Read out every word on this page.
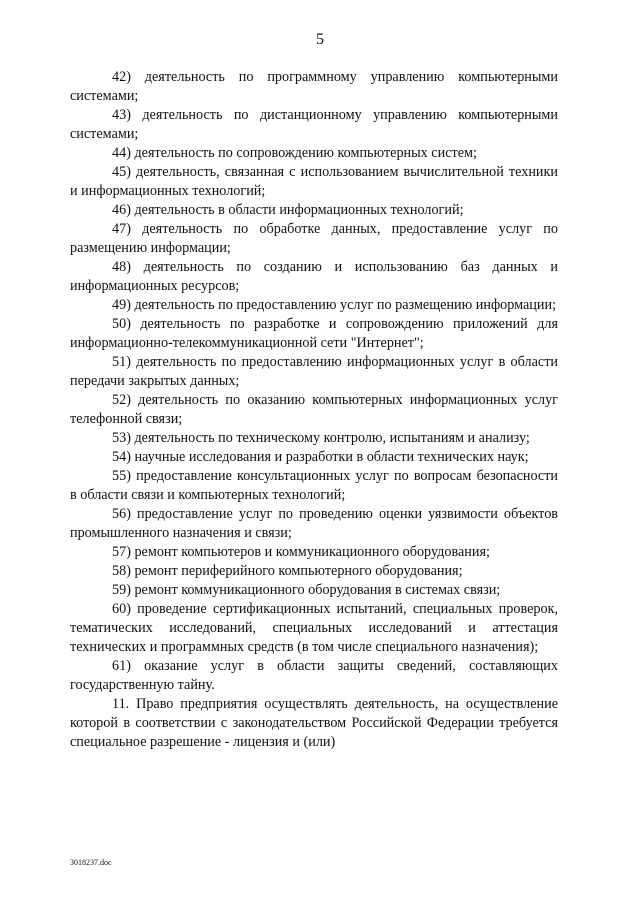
5

42) деятельность по программному управлению компьютерными системами;

43) деятельность по дистанционному управлению компьютерными системами;

44) деятельность по сопровождению компьютерных систем;

45) деятельность, связанная с использованием вычислительной техники и информационных технологий;

46) деятельность в области информационных технологий;

47) деятельность по обработке данных, предоставление услуг по размещению информации;

48) деятельность по созданию и использованию баз данных и информационных ресурсов;

49) деятельность по предоставлению услуг по размещению информации;

50) деятельность по разработке и сопровождению приложений для информационно-телекоммуникационной сети "Интернет";

51) деятельность по предоставлению информационных услуг в области передачи закрытых данных;

52) деятельность по оказанию компьютерных информационных услуг телефонной связи;

53) деятельность по техническому контролю, испытаниям и анализу;

54) научные исследования и разработки в области технических наук;

55) предоставление консультационных услуг по вопросам безопасности в области связи и компьютерных технологий;

56) предоставление услуг по проведению оценки уязвимости объектов промышленного назначения и связи;

57) ремонт компьютеров и коммуникационного оборудования;

58) ремонт периферийного компьютерного оборудования;

59) ремонт коммуникационного оборудования в системах связи;

60) проведение сертификационных испытаний, специальных проверок, тематических исследований, специальных исследований и аттестация технических и программных средств (в том числе специального назначения);

61) оказание услуг в области защиты сведений, составляющих государственную тайну.

11. Право предприятия осуществлять деятельность, на осуществление которой в соответствии с законодательством Российской Федерации требуется специальное разрешение - лицензия и (или)

3018237.doc
